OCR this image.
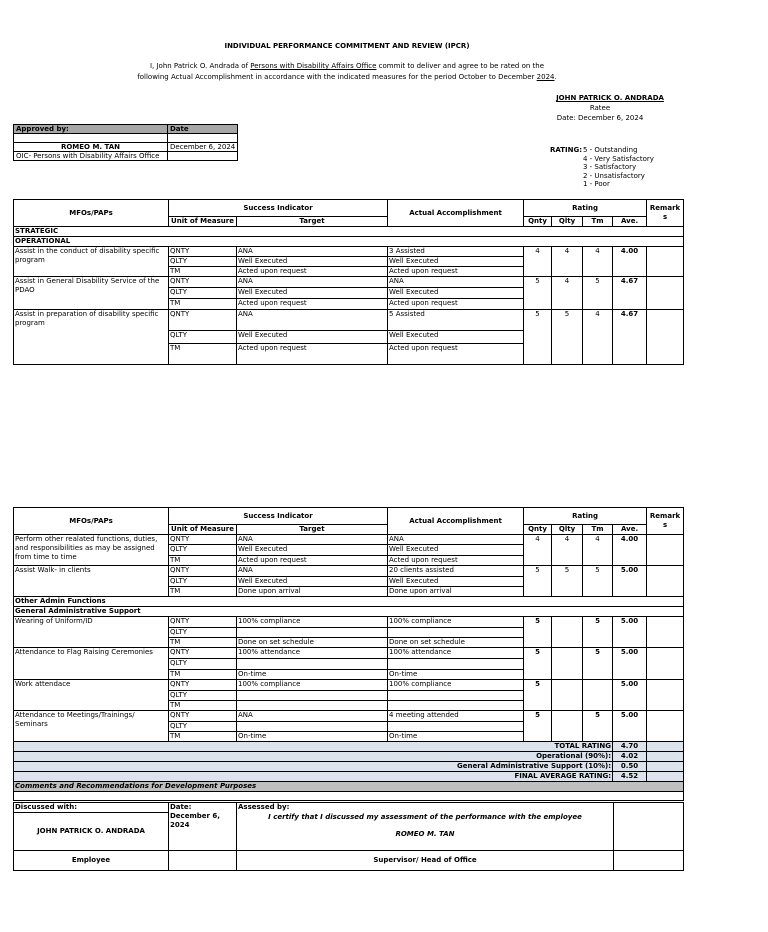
INDIVIDUAL PERFORMANCE COMMITMENT AND REVIEW (IPCR)
I, John Patrick O. Andrada of Persons with Disability Affairs Office commit to deliver and agree to be rated on the
following Actual Accomplishment in accordance with the indicated measures for the period October to December 2024.
JOHN PATRICK O. ANDRADA
Ratee
Date: December 6, 2024
Approved by:	Date

ROMEO M. TAN	December 6, 2024
OIC- Persons with Disability Affairs Office	
RATING: 5 - Outstanding
4 - Very Satisfactory
3 - Satisfactory
2 - Unsatisfactory
1 - Poor
MFOs/PAPs	Success Indicator		Actual Accomplishment	Rating				Remark s
	Unit of Measure	Target		Qnty	Qlty	Tm	Ave.	
STRATEGIC								
OPERATIONAL								
Assist in the conduct of disability specific program	QNTY	ANA	3 Assisted	4	4	4	4.00	
	QLTY	Well Executed	Well Executed					
	TM	Acted upon request	Acted upon request					
Assist in General Disability Service of the PDAO	QNTY	ANA	ANA	5	4	5	4.67	
	QLTY	Well Executed	Well Executed					
	TM	Acted upon request	Acted upon request					
Assist in preparation of disability specific program	QNTY	ANA	5 Assisted	5	5	4	4.67	
	QLTY	Well Executed	Well Executed					
	TM	Acted upon request	Acted upon request					
MFOs/PAPs	Success Indicator		Actual Accomplishment	Rating				Remark s
	Unit of Measure	Target		Qnty	Qlty	Tm	Ave.	
Perform other realated functions, duties, and responsibilities as may be assigned from time to time	QNTY	ANA	ANA	4	4	4	4.00	
	QLTY	Well Executed	Well Executed					
	TM	Acted upon request	Acted upon request					
Assist Walk- in clients	QNTY	ANA	20 clients assisted	5	5	5	5.00	
	QLTY	Well Executed	Well Executed					
	TM	Done upon arrival	Done upon arrival					
Other Admin Functions								
General Administrative Support								
Wearing of Uniform/ID	QNTY	100% compliance	100% compliance	5		5	5.00	
	QLTY							
	TM	Done on set schedule	Done on set schedule					
Attendance to Flag Raising Ceremonies	QNTY	100% attendance	100% attendance	5		5	5.00	
	QLTY							
	TM	On-time	On-time					
Work attendace	QNTY	100% compliance	100% compliance	5			5.00	
	QLTY							
	TM							
Attendance to Meetings/Trainings/ Seminars	QNTY	ANA	4 meeting attended	5		5	5.00	
	QLTY							
	TM	On-time	On-time					
TOTAL RATING							4.70	
Operational (90%):							4.02	
General Administrative Support (10%):							0.50	
FINAL AVERAGE RATING:							4.52	
Comments and Recommendations for Development Purposes								

Discussed with:	Date:
December 6, 2024	Assessed by:	
JOHN PATRICK O. ANDRADA		I certify that I discussed my assessment of the performance with the employee
ROMEO M. TAN	

Employee		Supervisor/ Head of Office	
